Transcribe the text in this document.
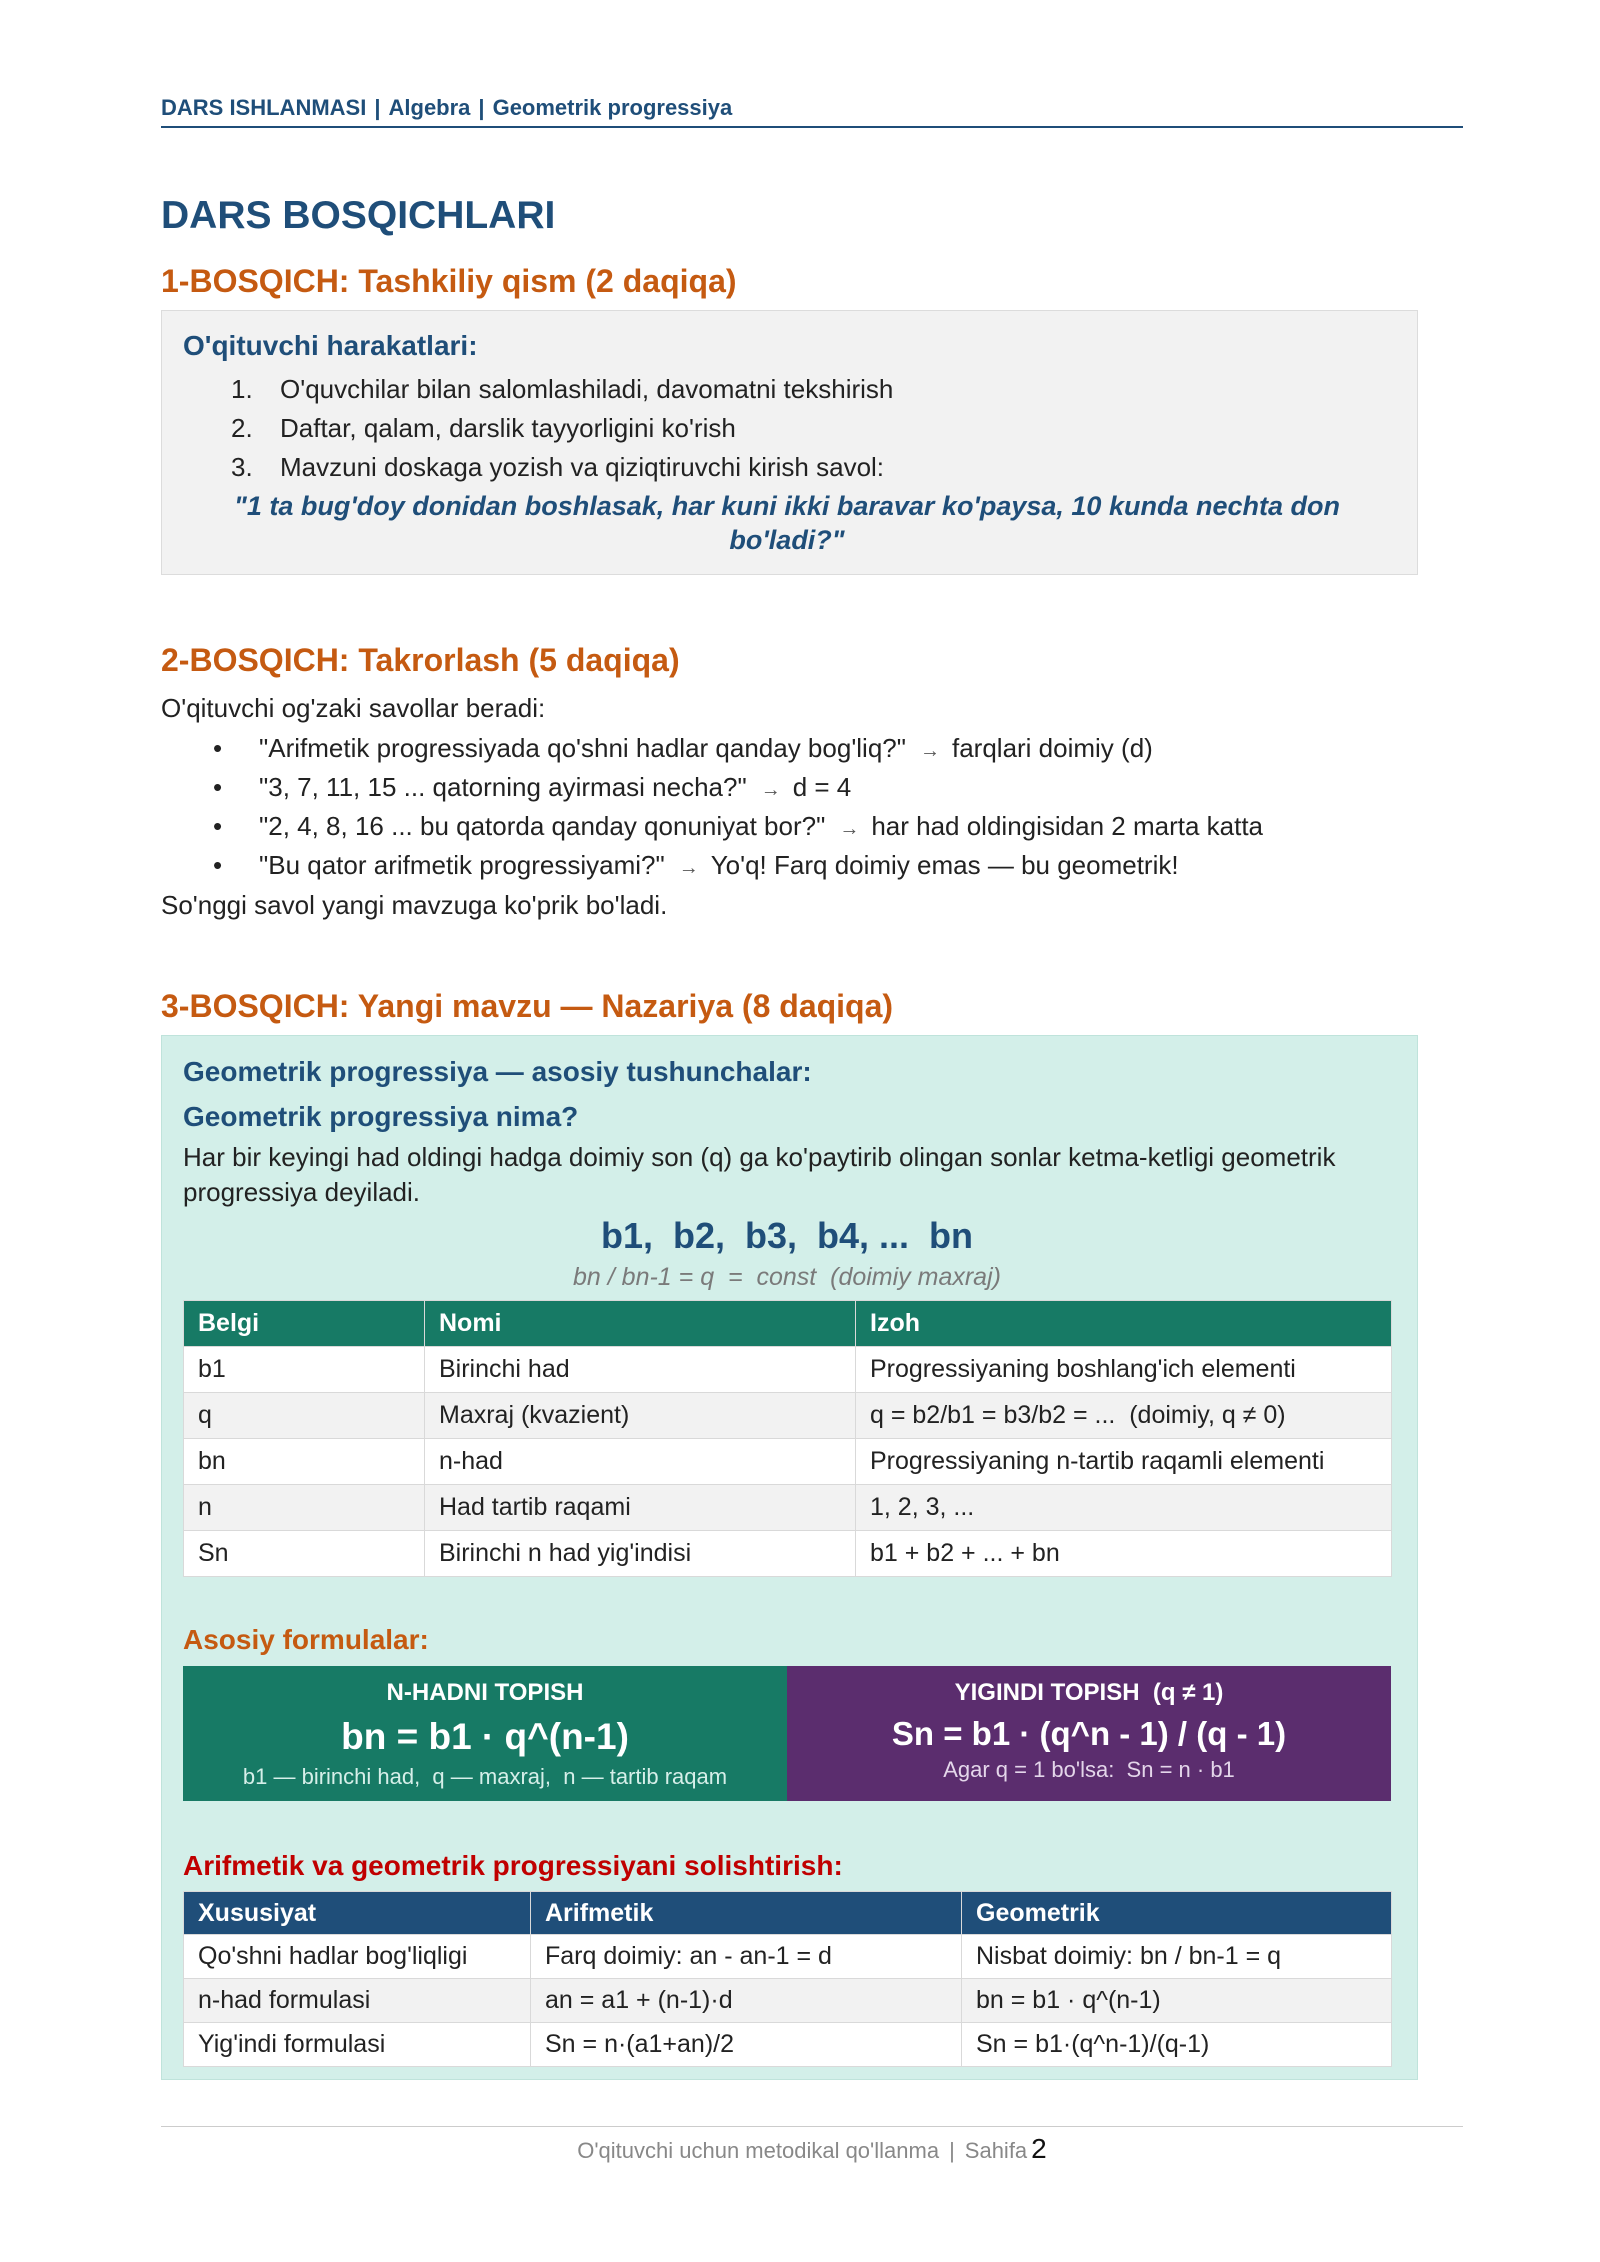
DARS ISHLANMASI | Algebra | Geometrik progressiya
DARS BOSQICHLARI
1-BOSQICH: Tashkiliy qism (2 daqiqa)
O'qituvchi harakatlari:
1. O'quvchilar bilan salomlashiladi, davomatni tekshirish
2. Daftar, qalam, darslik tayyorligini ko'rish
3. Mavzuni doskaga yozish va qiziqtiruvchi kirish savol:
"1 ta bug'doy donidan boshlasak, har kuni ikki baravar ko'paysa, 10 kunda nechta don bo'ladi?"
2-BOSQICH: Takrorlash (5 daqiqa)
O'qituvchi og'zaki savollar beradi:
• "Arifmetik progressiyada qo'shni hadlar qanday bog'liq?" → farqlari doimiy (d)
• "3, 7, 11, 15 ... qatorning ayirmasi necha?" → d = 4
• "2, 4, 8, 16 ... bu qatorda qanday qonuniyat bor?" → har had oldingisidan 2 marta katta
• "Bu qator arifmetik progressiyami?" → Yo'q! Farq doimiy emas — bu geometrik!
So'nggi savol yangi mavzuga ko'prik bo'ladi.
3-BOSQICH: Yangi mavzu — Nazariya (8 daqiqa)
Geometrik progressiya — asosiy tushunchalar:
Geometrik progressiya nima?
Har bir keyingi had oldingi hadga doimiy son (q) ga ko'paytirib olingan sonlar ketma-ketligi geometrik progressiya deyiladi.
b1,  b2,  b3,  b4, ...  bn
bn / bn-1 = q  =  const  (doimiy maxraj)
Belgi	Nomi	Izoh
b1	Birinchi had	Progressiyaning boshlang'ich elementi
q	Maxraj (kvazient)	q = b2/b1 = b3/b2 = ...  (doimiy, q ≠ 0)
bn	n-had	Progressiyaning n-tartib raqamli elementi
n	Had tartib raqami	1, 2, 3, ...
Sn	Birinchi n had yig'indisi	b1 + b2 + ... + bn
Asosiy formulalar:
N-HADNI TOPISH
bn = b1 · q^(n-1)
b1 — birinchi had,  q — maxraj,  n — tartib raqam
YIGINDI TOPISH  (q ≠ 1)
Sn = b1 · (q^n - 1) / (q - 1)
Agar q = 1 bo'lsa:  Sn = n · b1
Arifmetik va geometrik progressiyani solishtirish:
Xususiyat	Arifmetik	Geometrik
Qo'shni hadlar bog'liqligi	Farq doimiy: an - an-1 = d	Nisbat doimiy: bn / bn-1 = q
n-had formulasi	an = a1 + (n-1)·d	bn = b1 · q^(n-1)
Yig'indi formulasi	Sn = n·(a1+an)/2	Sn = b1·(q^n-1)/(q-1)
O'qituvchi uchun metodikal qo'llanma | Sahifa 2
